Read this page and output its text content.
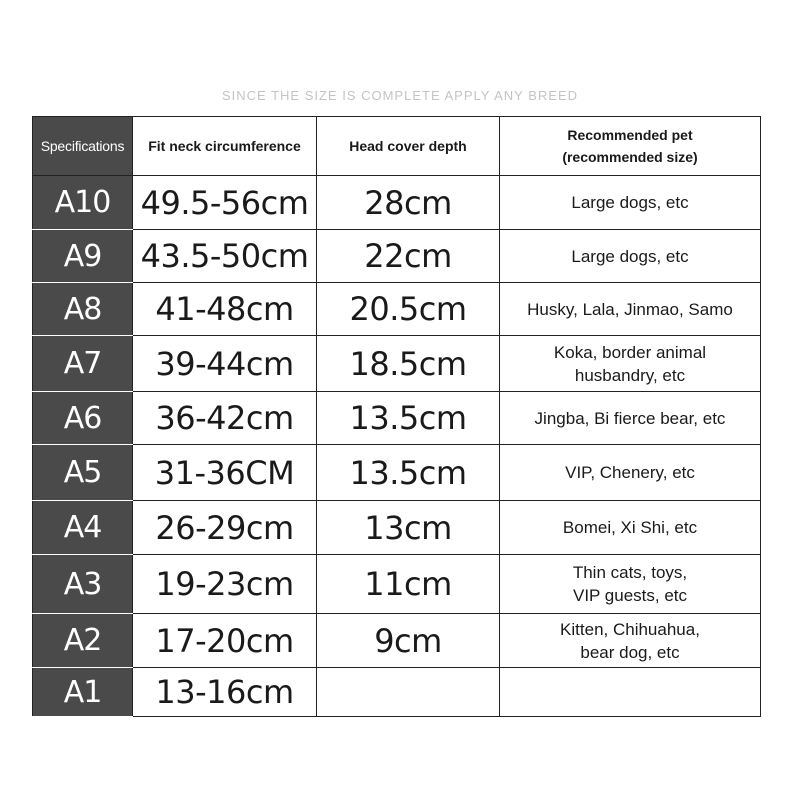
SINCE THE SIZE IS COMPLETE APPLY ANY BREED
Specifications	Fit neck circumference	Head cover depth	Recommended pet
(recommended size)
A10	49.5-56cm	28cm	Large dogs, etc
A9	43.5-50cm	22cm	Large dogs, etc
A8	41-48cm	20.5cm	Husky, Lala, Jinmao, Samo
A7	39-44cm	18.5cm	Koka, border animal
husbandry, etc
A6	36-42cm	13.5cm	Jingba, Bi fierce bear, etc
A5	31-36CM	13.5cm	VIP, Chenery, etc
A4	26-29cm	13cm	Bomei, Xi Shi, etc
A3	19-23cm	11cm	Thin cats, toys,
VIP guests, etc
A2	17-20cm	9cm	Kitten, Chihuahua,
bear dog, etc
A1	13-16cm		
